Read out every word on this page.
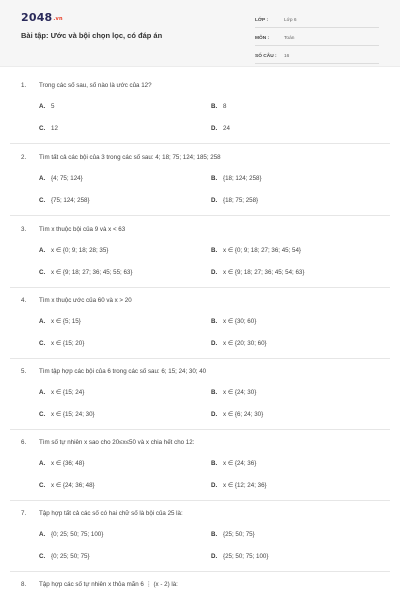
2048.vn
Bài tập: Ước và bội chọn lọc, có đáp án
LỚP :	Lớp 6
MÔN :	Toán
SỐ CÂU :	16
1. Trong các số sau, số nào là ước của 12?
A. 5	B. 8
C. 12	D. 24
2. Tìm tất cả các bội của 3 trong các số sau: 4; 18; 75; 124; 185; 258
A. {4; 75; 124}	B. {18; 124; 258}
C. {75; 124; 258}	D. {18; 75; 258}
3. Tìm x thuộc bội của 9 và x < 63
A. x ∈ {0; 9; 18; 28; 35}	B. x ∈ {0; 9; 18; 27; 36; 45; 54}
C. x ∈ {9; 18; 27; 36; 45; 55; 63}	D. x ∈ {9; 18; 27; 36; 45; 54; 63}
4. Tìm x thuộc ước của 60 và x > 20
A. x ∈ {5; 15}	B. x ∈ {30; 60}
C. x ∈ {15; 20}	D. x ∈ {20; 30; 60}
5. Tìm tập hợp các bội của 6 trong các số sau: 6; 15; 24; 30; 40
A. x ∈ {15; 24}	B. x ∈ {24; 30}
C. x ∈ {15; 24; 30}	D. x ∈ {6; 24; 30}
6. Tìm số tự nhiên x sao cho 20≤x≤50 và x chia hết cho 12:
A. x ∈ {36; 48}	B. x ∈ {24; 36}
C. x ∈ {24; 36; 48}	D. x ∈ {12; 24; 36}
7. Tập hợp tất cả các số có hai chữ số là bội của 25 là:
A. {0; 25; 50; 75; 100}	B. {25; 50; 75}
C. {0; 25; 50; 75}	D. {25; 50; 75; 100}
8. Tập hợp các số tự nhiên x thỏa mãn 6 ⋮ (x - 2) là:
